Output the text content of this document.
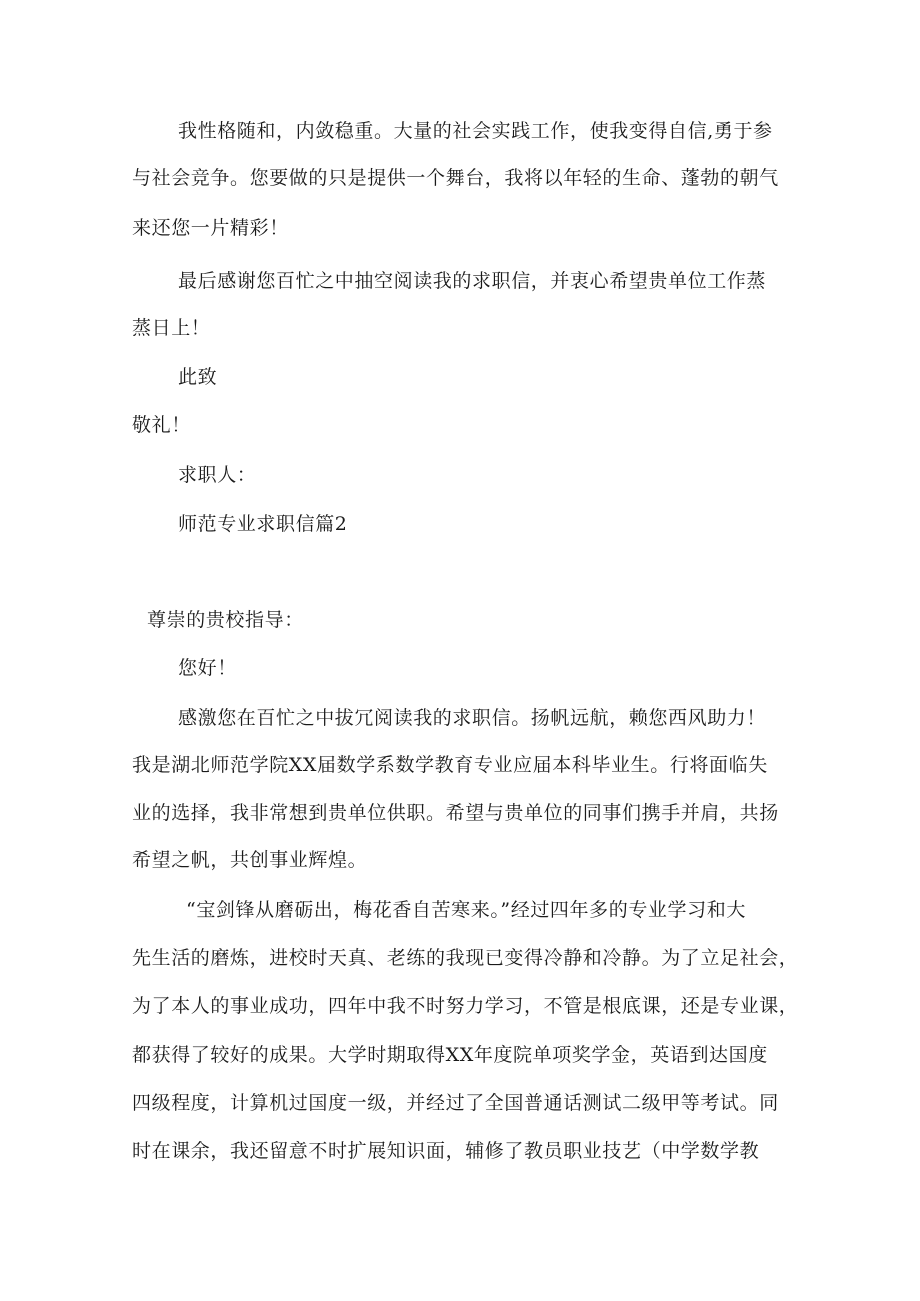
我性格随和，内敛稳重。大量的社会实践工作，使我变得自信,勇于参
与社会竞争。您要做的只是提供一个舞台，我将以年轻的生命、蓬勃的朝气
来还您一片精彩！
最后感谢您百忙之中抽空阅读我的求职信，并衷心希望贵单位工作蒸
蒸日上！
此致
敬礼！
求职人：
师范专业求职信篇2
尊崇的贵校指导：
您好！
感激您在百忙之中拔冗阅读我的求职信。扬帆远航，赖您西风助力！
我是湖北师范学院XX届数学系数学教育专业应届本科毕业生。行将面临失
业的选择，我非常想到贵单位供职。希望与贵单位的同事们携手并肩，共扬
希望之帆，共创事业辉煌。
“宝剑锋从磨砺出，梅花香自苦寒来。”经过四年多的专业学习和大
先生活的磨炼，进校时天真、老练的我现已变得冷静和冷静。为了立足社会，
为了本人的事业成功，四年中我不时努力学习，不管是根底课，还是专业课，
都获得了较好的成果。大学时期取得XX年度院单项奖学金，英语到达国度
四级程度，计算机过国度一级，并经过了全国普通话测试二级甲等考试。同
时在课余，我还留意不时扩展知识面，辅修了教员职业技艺（中学数学教
